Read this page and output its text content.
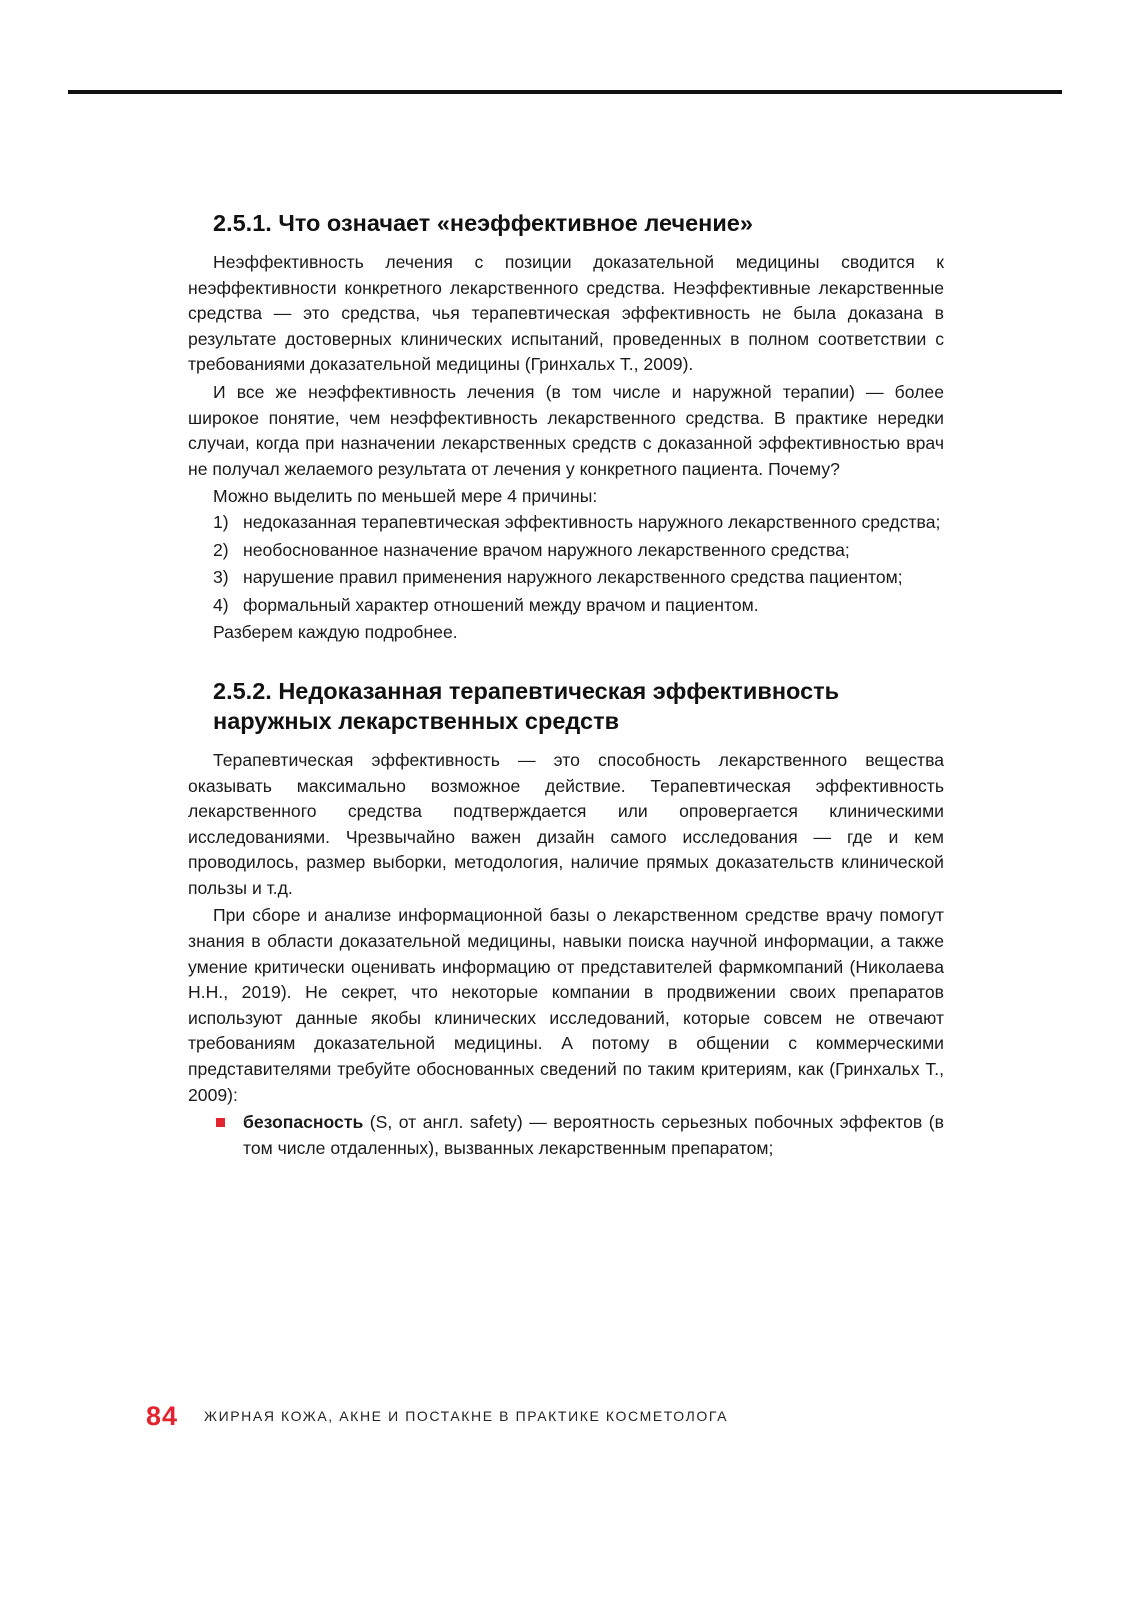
2.5.1. Что означает «неэффективное лечение»

Неэффективность лечения с позиции доказательной медицины сводится к неэффективности конкретного лекарственного средства. Неэффективные лекарственные средства — это средства, чья терапевтическая эффективность не была доказана в результате достоверных клинических испытаний, проведенных в полном соответствии с требованиями доказательной медицины (Гринхальх Т., 2009).

И все же неэффективность лечения (в том числе и наружной терапии) — более широкое понятие, чем неэффективность лекарственного средства. В практике нередки случаи, когда при назначении лекарственных средств с доказанной эффективностью врач не получал желаемого результата от лечения у конкретного пациента. Почему?

Можно выделить по меньшей мере 4 причины:

1) недоказанная терапевтическая эффективность наружного лекарственного средства;
2) необоснованное назначение врачом наружного лекарственного средства;
3) нарушение правил применения наружного лекарственного средства пациентом;
4) формальный характер отношений между врачом и пациентом.

Разберем каждую подробнее.

2.5.2. Недоказанная терапевтическая эффективность наружных лекарственных средств

Терапевтическая эффективность — это способность лекарственного вещества оказывать максимально возможное действие. Терапевтическая эффективность лекарственного средства подтверждается или опровергается клиническими исследованиями. Чрезвычайно важен дизайн самого исследования — где и кем проводилось, размер выборки, методология, наличие прямых доказательств клинической пользы и т.д.

При сборе и анализе информационной базы о лекарственном средстве врачу помогут знания в области доказательной медицины, навыки поиска научной информации, а также умение критически оценивать информацию от представителей фармкомпаний (Николаева Н.Н., 2019). Не секрет, что некоторые компании в продвижении своих препаратов используют данные якобы клинических исследований, которые совсем не отвечают требованиям доказательной медицины. А потому в общении с коммерческими представителями требуйте обоснованных сведений по таким критериям, как (Гринхальх Т., 2009):

безопасность (S, от англ. safety) — вероятность серьезных побочных эффектов (в том числе отдаленных), вызванных лекарственным препаратом;
84 ЖИРНАЯ КОЖА, АКНЕ И ПОСТАКНЕ В ПРАКТИКЕ КОСМЕТОЛОГА
